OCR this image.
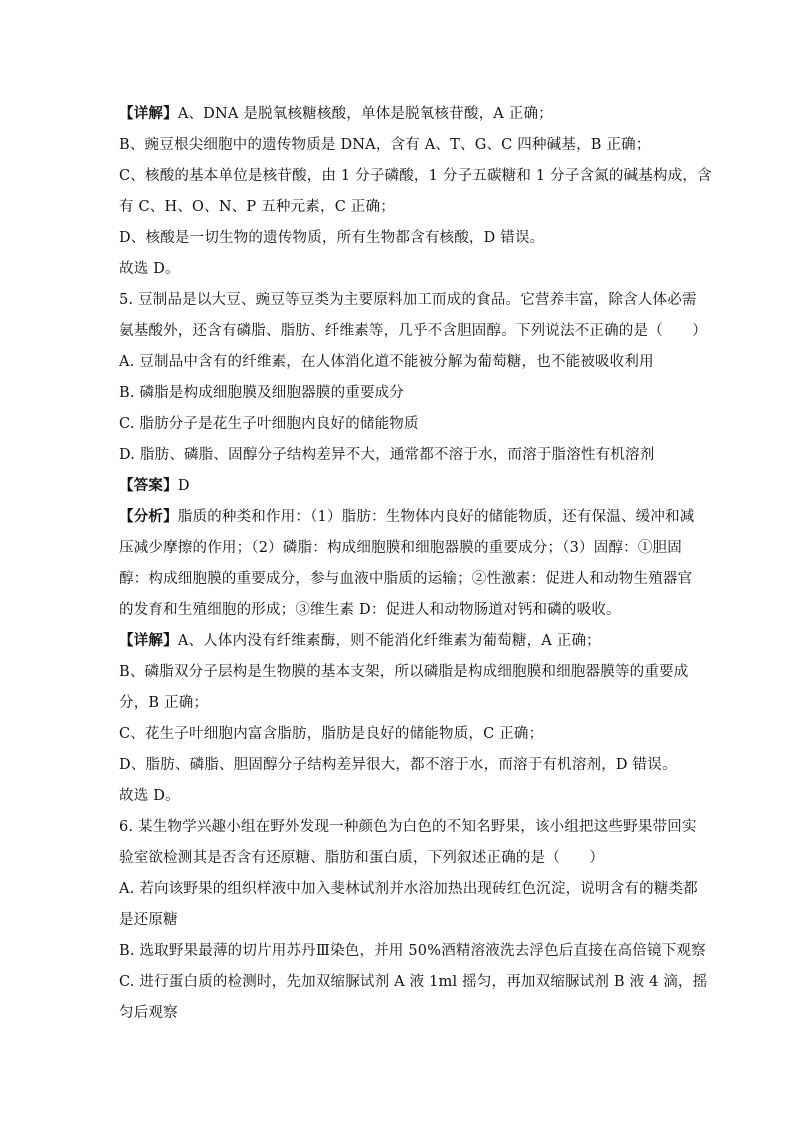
【详解】A、DNA 是脱氧核糖核酸，单体是脱氧核苷酸，A 正确；
B、豌豆根尖细胞中的遗传物质是 DNA，含有 A、T、G、C 四种碱基，B 正确；
C、核酸的基本单位是核苷酸，由 1 分子磷酸，1 分子五碳糖和 1 分子含氮的碱基构成，含
有 C、H、O、N、P 五种元素，C 正确；
D、核酸是一切生物的遗传物质，所有生物都含有核酸，D 错误。
故选 D。
5. 豆制品是以大豆、豌豆等豆类为主要原料加工而成的食品。它营养丰富，除含人体必需
氨基酸外，还含有磷脂、脂肪、纤维素等，几乎不含胆固醇。下列说法不正确的是（　　）
A. 豆制品中含有的纤维素，在人体消化道不能被分解为葡萄糖，也不能被吸收利用
B. 磷脂是构成细胞膜及细胞器膜的重要成分
C. 脂肪分子是花生子叶细胞内良好的储能物质
D. 脂肪、磷脂、固醇分子结构差异不大，通常都不溶于水，而溶于脂溶性有机溶剂
【答案】D
【分析】脂质的种类和作用：（1）脂肪：生物体内良好的储能物质，还有保温、缓冲和减
压减少摩擦的作用；（2）磷脂：构成细胞膜和细胞器膜的重要成分；（3）固醇：①胆固
醇：构成细胞膜的重要成分，参与血液中脂质的运输；②性激素：促进人和动物生殖器官
的发育和生殖细胞的形成；③维生素 D：促进人和动物肠道对钙和磷的吸收。
【详解】A、人体内没有纤维素酶，则不能消化纤维素为葡萄糖，A 正确；
B、磷脂双分子层构是生物膜的基本支架，所以磷脂是构成细胞膜和细胞器膜等的重要成
分，B 正确；
C、花生子叶细胞内富含脂肪，脂肪是良好的储能物质，C 正确；
D、脂肪、磷脂、胆固醇分子结构差异很大，都不溶于水，而溶于有机溶剂，D 错误。
故选 D。
6. 某生物学兴趣小组在野外发现一种颜色为白色的不知名野果，该小组把这些野果带回实
验室欲检测其是否含有还原糖、脂肪和蛋白质，下列叙述正确的是（　　）
A. 若向该野果的组织样液中加入斐林试剂并水浴加热出现砖红色沉淀，说明含有的糖类都
是还原糖
B. 选取野果最薄的切片用苏丹Ⅲ染色，并用 50%酒精溶液洗去浮色后直接在高倍镜下观察
C. 进行蛋白质的检测时，先加双缩脲试剂 A 液 1ml 摇匀，再加双缩脲试剂 B 液 4 滴，摇
匀后观察
